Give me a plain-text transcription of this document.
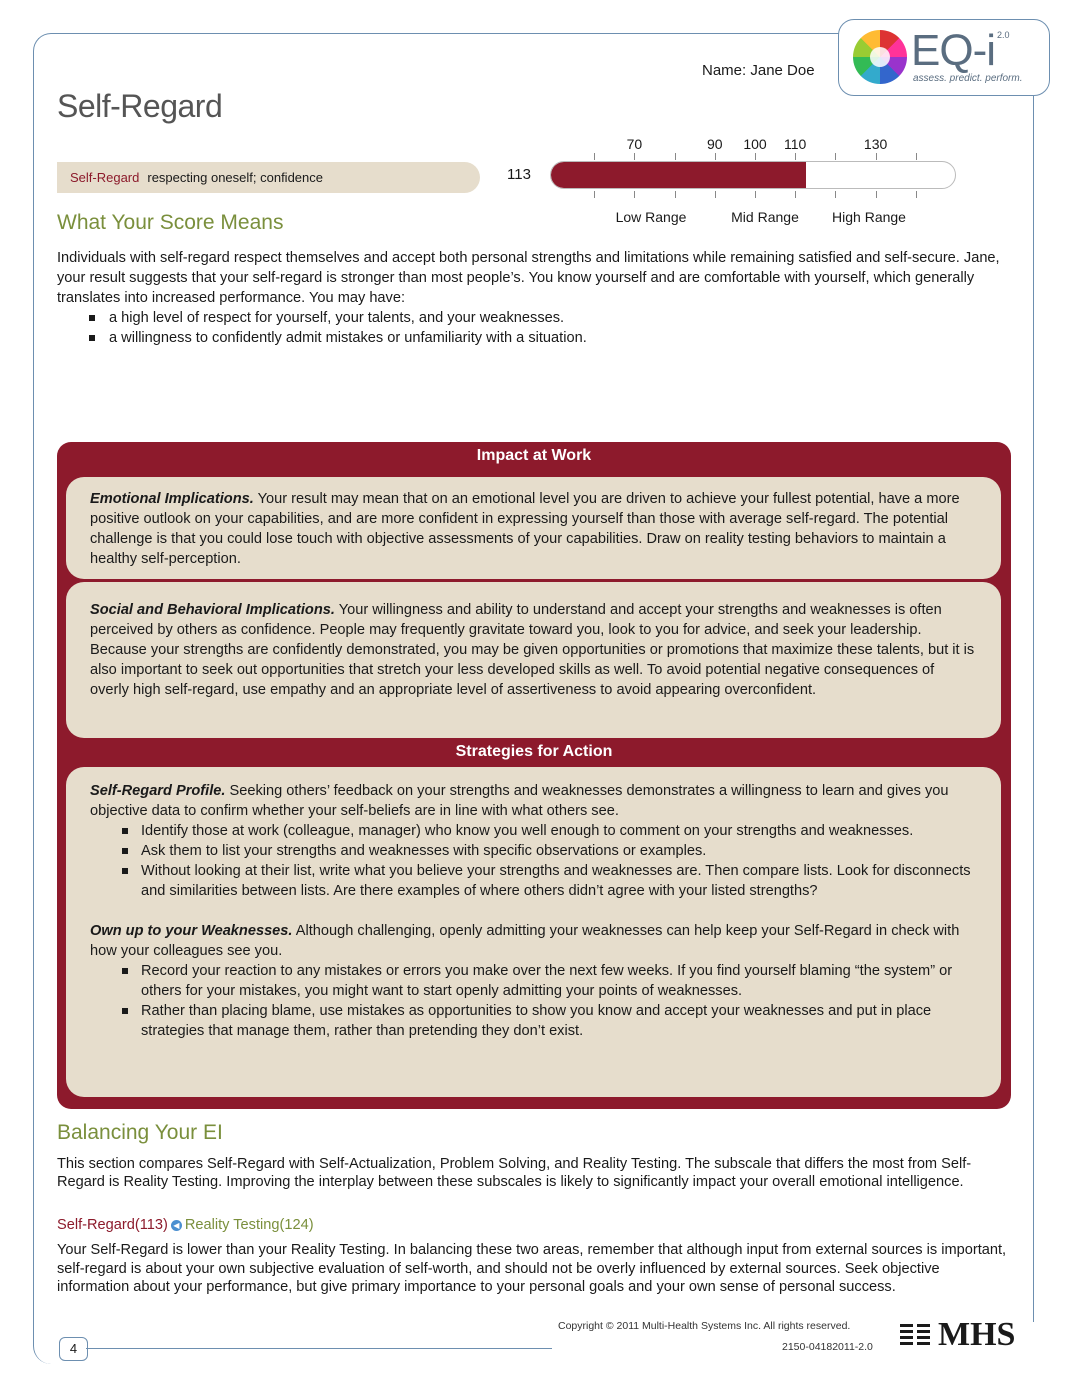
EQ-i 2.0
assess. predict. perform.
Name: Jane Doe
Self-Regard
Self-Regard respecting oneself; confidence	113
70	90 100 110	130
Low Range	Mid Range High Range
What Your Score Means
Individuals with self-regard respect themselves and accept both personal strengths and limitations while remaining satisfied and self-secure. Jane, your result suggests that your self-regard is stronger than most people’s. You know yourself and are comfortable with yourself, which generally translates into increased performance. You may have:
a high level of respect for yourself, your talents, and your weaknesses.
a willingness to confidently admit mistakes or unfamiliarity with a situation.
Impact at Work
Emotional Implications. Your result may mean that on an emotional level you are driven to achieve your fullest potential, have a more positive outlook on your capabilities, and are more confident in expressing yourself than those with average self-regard. The potential challenge is that you could lose touch with objective assessments of your capabilities. Draw on reality testing behaviors to maintain a healthy self-perception.
Social and Behavioral Implications. Your willingness and ability to understand and accept your strengths and weaknesses is often perceived by others as confidence. People may frequently gravitate toward you, look to you for advice, and seek your leadership. Because your strengths are confidently demonstrated, you may be given opportunities or promotions that maximize these talents, but it is also important to seek out opportunities that stretch your less developed skills as well. To avoid potential negative consequences of overly high self-regard, use empathy and an appropriate level of assertiveness to avoid appearing overconfident.
Strategies for Action
Self-Regard Profile. Seeking others’ feedback on your strengths and weaknesses demonstrates a willingness to learn and gives you objective data to confirm whether your self-beliefs are in line with what others see.
Identify those at work (colleague, manager) who know you well enough to comment on your strengths and weaknesses.
Ask them to list your strengths and weaknesses with specific observations or examples.
Without looking at their list, write what you believe your strengths and weaknesses are. Then compare lists. Look for disconnects and similarities between lists. Are there examples of where others didn’t agree with your listed strengths?
Own up to your Weaknesses. Although challenging, openly admitting your weaknesses can help keep your Self-Regard in check with how your colleagues see you.
Record your reaction to any mistakes or errors you make over the next few weeks. If you find yourself blaming “the system” or others for your mistakes, you might want to start openly admitting your points of weaknesses.
Rather than placing blame, use mistakes as opportunities to show you know and accept your weaknesses and put in place strategies that manage them, rather than pretending they don’t exist.
Balancing Your EI
This section compares Self-Regard with Self-Actualization, Problem Solving, and Reality Testing. The subscale that differs the most from Self-Regard is Reality Testing. Improving the interplay between these subscales is likely to significantly impact your overall emotional intelligence.
Self-Regard(113) ◀ Reality Testing(124)
Your Self-Regard is lower than your Reality Testing. In balancing these two areas, remember that although input from external sources is important, self-regard is about your own subjective evaluation of self-worth, and should not be overly influenced by external sources. Seek objective information about your performance, but give primary importance to your personal goals and your own sense of personal success.
4
Copyright © 2011 Multi-Health Systems Inc. All rights reserved.
2150-04182011-2.0 MHS
